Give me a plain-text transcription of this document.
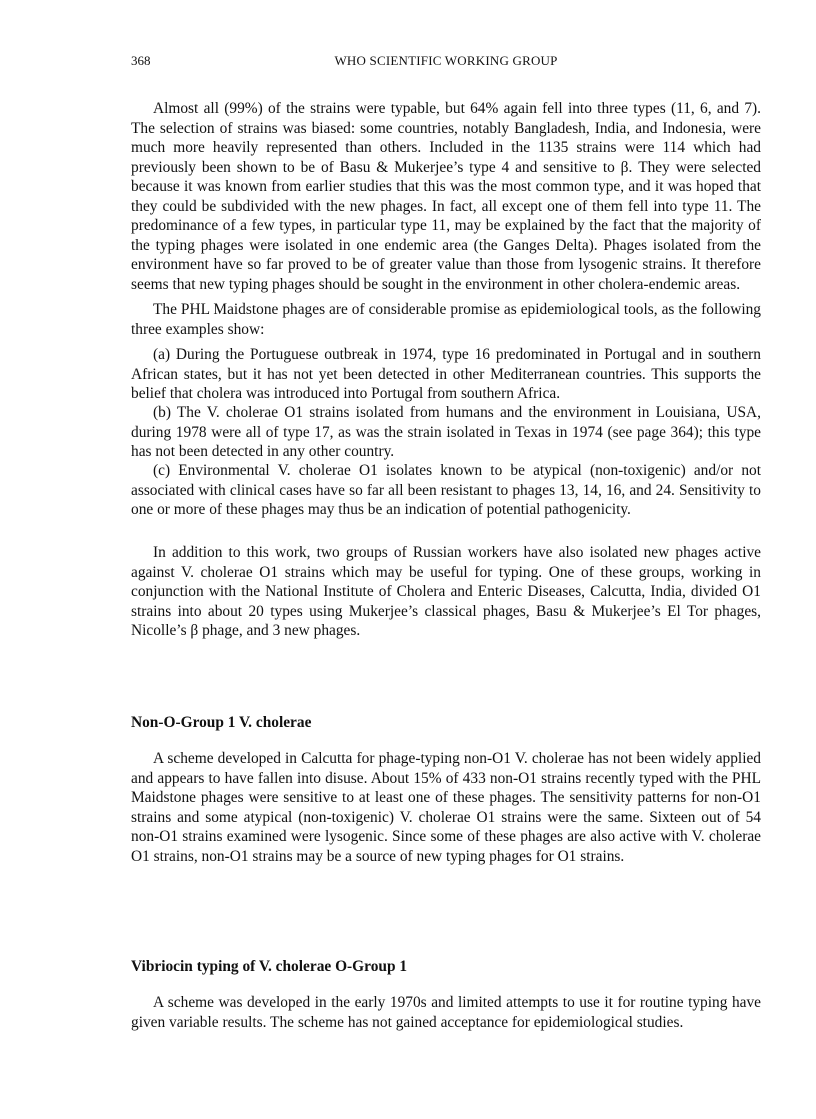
368	WHO SCIENTIFIC WORKING GROUP

Almost all (99%) of the strains were typable, but 64% again fell into three types (11, 6, and 7). The selection of strains was biased: some countries, notably Bangladesh, India, and Indonesia, were much more heavily represented than others. Included in the 1135 strains were 114 which had previously been shown to be of Basu & Mukerjee’s type 4 and sensitive to β. They were selected because it was known from earlier studies that this was the most common type, and it was hoped that they could be subdivided with the new phages. In fact, all except one of them fell into type 11. The predominance of a few types, in particular type 11, may be explained by the fact that the majority of the typing phages were isolated in one endemic area (the Ganges Delta). Phages isolated from the environment have so far proved to be of greater value than those from lysogenic strains. It therefore seems that new typing phages should be sought in the environment in other cholera-endemic areas.

The PHL Maidstone phages are of considerable promise as epidemiological tools, as the following three examples show:

(a) During the Portuguese outbreak in 1974, type 16 predominated in Portugal and in southern African states, but it has not yet been detected in other Mediterranean countries. This supports the belief that cholera was introduced into Portugal from southern Africa.

(b) The V. cholerae O1 strains isolated from humans and the environment in Louisiana, USA, during 1978 were all of type 17, as was the strain isolated in Texas in 1974 (see page 364); this type has not been detected in any other country.

(c) Environmental V. cholerae O1 isolates known to be atypical (non-toxigenic) and/or not associated with clinical cases have so far all been resistant to phages 13, 14, 16, and 24. Sensitivity to one or more of these phages may thus be an indication of potential pathogenicity.

In addition to this work, two groups of Russian workers have also isolated new phages active against V. cholerae O1 strains which may be useful for typing. One of these groups, working in conjunction with the National Institute of Cholera and Enteric Diseases, Calcutta, India, divided O1 strains into about 20 types using Mukerjee’s classical phages, Basu & Mukerjee’s El Tor phages, Nicolle’s β phage, and 3 new phages.

Non-O-Group 1 V. cholerae

A scheme developed in Calcutta for phage-typing non-O1 V. cholerae has not been widely applied and appears to have fallen into disuse. About 15% of 433 non-O1 strains recently typed with the PHL Maidstone phages were sensitive to at least one of these phages. The sensitivity patterns for non-O1 strains and some atypical (non-toxigenic) V. cholerae O1 strains were the same. Sixteen out of 54 non-O1 strains examined were lysogenic. Since some of these phages are also active with V. cholerae O1 strains, non-O1 strains may be a source of new typing phages for O1 strains.

Vibriocin typing of V. cholerae O-Group 1

A scheme was developed in the early 1970s and limited attempts to use it for routine typing have given variable results. The scheme has not gained acceptance for epidemiological studies.
